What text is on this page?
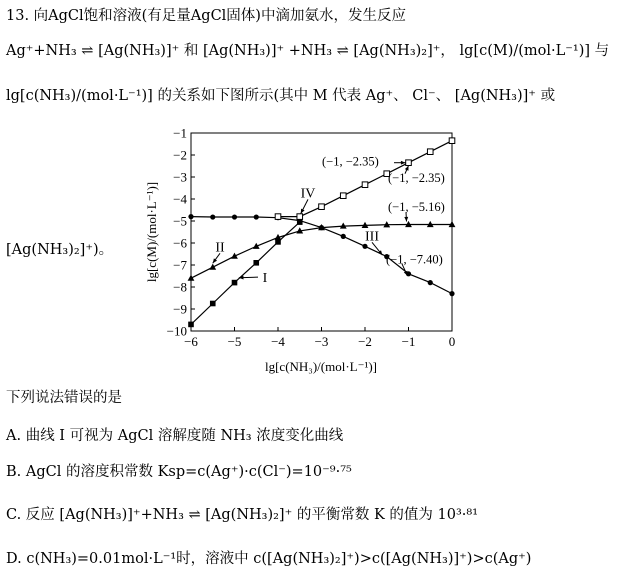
13. 向AgCl饱和溶液(有足量AgCl固体)中滴加氨水，发生反应
Ag⁺+NH₃ ⇌ [Ag(NH₃)]⁺ 和 [Ag(NH₃)]⁺ +NH₃ ⇌ [Ag(NH₃)₂]⁺， lg[c(M)/(mol·L⁻¹)] 与
lg[c(NH₃)/(mol·L⁻¹)] 的关系如下图所示(其中 M 代表 Ag⁺、 Cl⁻、 [Ag(NH₃)]⁺ 或
[Ag(NH₃)₂]⁺)。
−6 −5 −4 −3 −2 −1	0
−1
−2
−3
−4
−5
−6
−7
−8
−9
−10
(−1, −2.35)
(−1, −2.35)
(−1, −5.16)
(−1, −7.40)
I
II
III
IV
lg[c(NH₃)/(mol·L⁻¹)]
lg[c(M)/(mol·L⁻¹)]
下列说法错误的是
A. 曲线 I 可视为 AgCl 溶解度随 NH₃ 浓度变化曲线
B. AgCl 的溶度积常数 Ksp=c(Ag⁺)·c(Cl⁻)=10⁻⁹·⁷⁵
C. 反应 [Ag(NH₃)]⁺+NH₃ ⇌ [Ag(NH₃)₂]⁺ 的平衡常数 K 的值为 10³·⁸¹
D. c(NH₃)=0.01mol·L⁻¹时，溶液中 c([Ag(NH₃)₂]⁺)>c([Ag(NH₃)]⁺)>c(Ag⁺)
